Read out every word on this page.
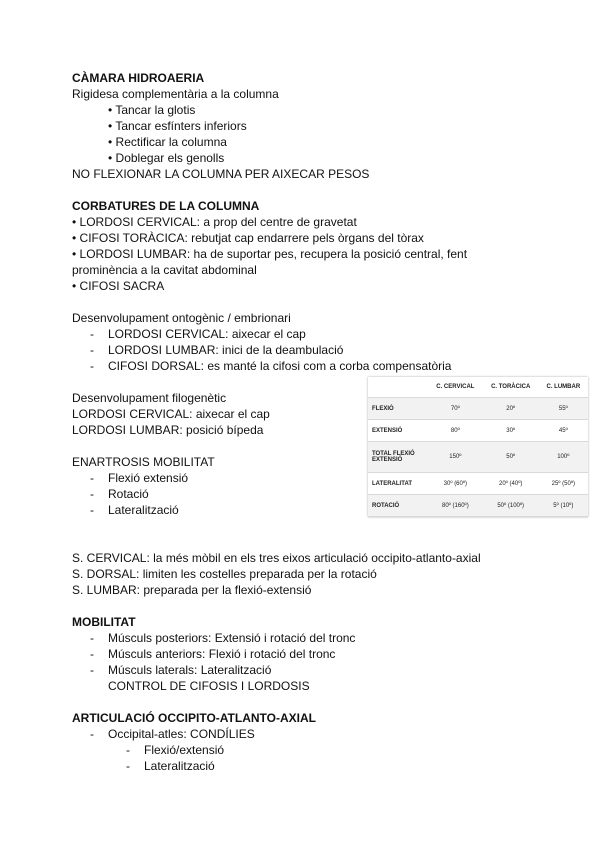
CÀMARA HIDROAERIA
Rigidesa complementària a la columna
• Tancar la glotis
• Tancar esfínters inferiors
• Rectificar la columna
• Doblegar els genolls
NO FLEXIONAR LA COLUMNA PER AIXECAR PESOS
CORBATURES DE LA COLUMNA
• LORDOSI CERVICAL: a prop del centre de gravetat
• CIFOSI TORÀCICA: rebutjat cap endarrere pels òrgans del tòrax
• LORDOSI LUMBAR: ha de suportar pes, recupera la posició central, fent
prominència a la cavitat abdominal
• CIFOSI SACRA
Desenvolupament ontogènic / embrionari
- LORDOSI CERVICAL: aixecar el cap
- LORDOSI LUMBAR: inici de la deambulació
- CIFOSI DORSAL: es manté la cifosi com a corba compensatòria
Desenvolupament filogenètic
LORDOSI CERVICAL: aixecar el cap
LORDOSI LUMBAR: posició bípeda
ENARTROSIS MOBILITAT
- Flexió extensió
- Rotació
- Lateralització
S. CERVICAL: la més mòbil en els tres eixos articulació occipito-atlanto-axial
S. DORSAL: limiten les costelles preparada per la rotació
S. LUMBAR: preparada per la flexió-extensió
MOBILITAT
- Músculs posteriors: Extensió i rotació del tronc
- Músculs anteriors: Flexió i rotació del tronc
- Músculs laterals: Lateralització
CONTROL DE CIFOSIS I LORDOSIS
ARTICULACIÓ OCCIPITO-ATLANTO-AXIAL
- Occipital-atles: CONDÍLIES
- Flexió/extensió
- Lateralització
	C. CERVICAL	C. TORÀCICA	C. LUMBAR
FLEXIÓ	70º	20º	55º
EXTENSIÓ	80º	30º	45º
TOTAL FLEXIÓ EXTENSIÓ	150º	50º	100º
LATERALITAT	30º (60º)	20º (40º)	25º (50º)
ROTACIÓ	80º (160º)	50º (100º)	5º (10º)
